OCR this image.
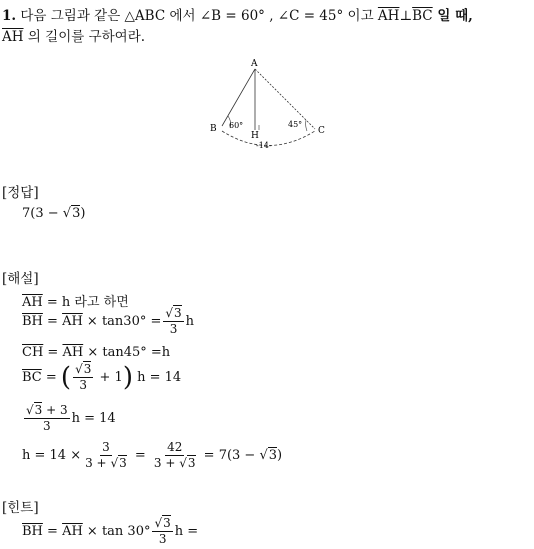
1. 다음 그림과 같은 △ABC 에서 ∠B = 60° , ∠C = 45° 이고 $\overline{AH}\perp\overline{BC}$ 일 때,
$\overline{AH}$ 의 길이를 구하여라.
A
B	C
H
60°	45°
-14-
[정답]
7(3 − √3)
[해설]
$\overline{AH} = h$ 라고 하면
$\overline{BH} = \overline{AH} \times \tan 30^\circ = \frac{√3}{3}$ h
$\overline{CH} = \overline{AH} \times \tan 45^\circ =h$
$\overline{BC}$ = ( $\frac{√3}{3} + 1$) h = 14
$\frac{√3 + 3}{3}$ h = 14
$h = 14 \times \frac{3}{3 + √3} = \frac{42}{3 + √3} = 7(3 - √3)$
[힌트]
$\overline{BH} = \overline{AH} \times \tan 30^\circ \frac{√3}{3}$ h =
